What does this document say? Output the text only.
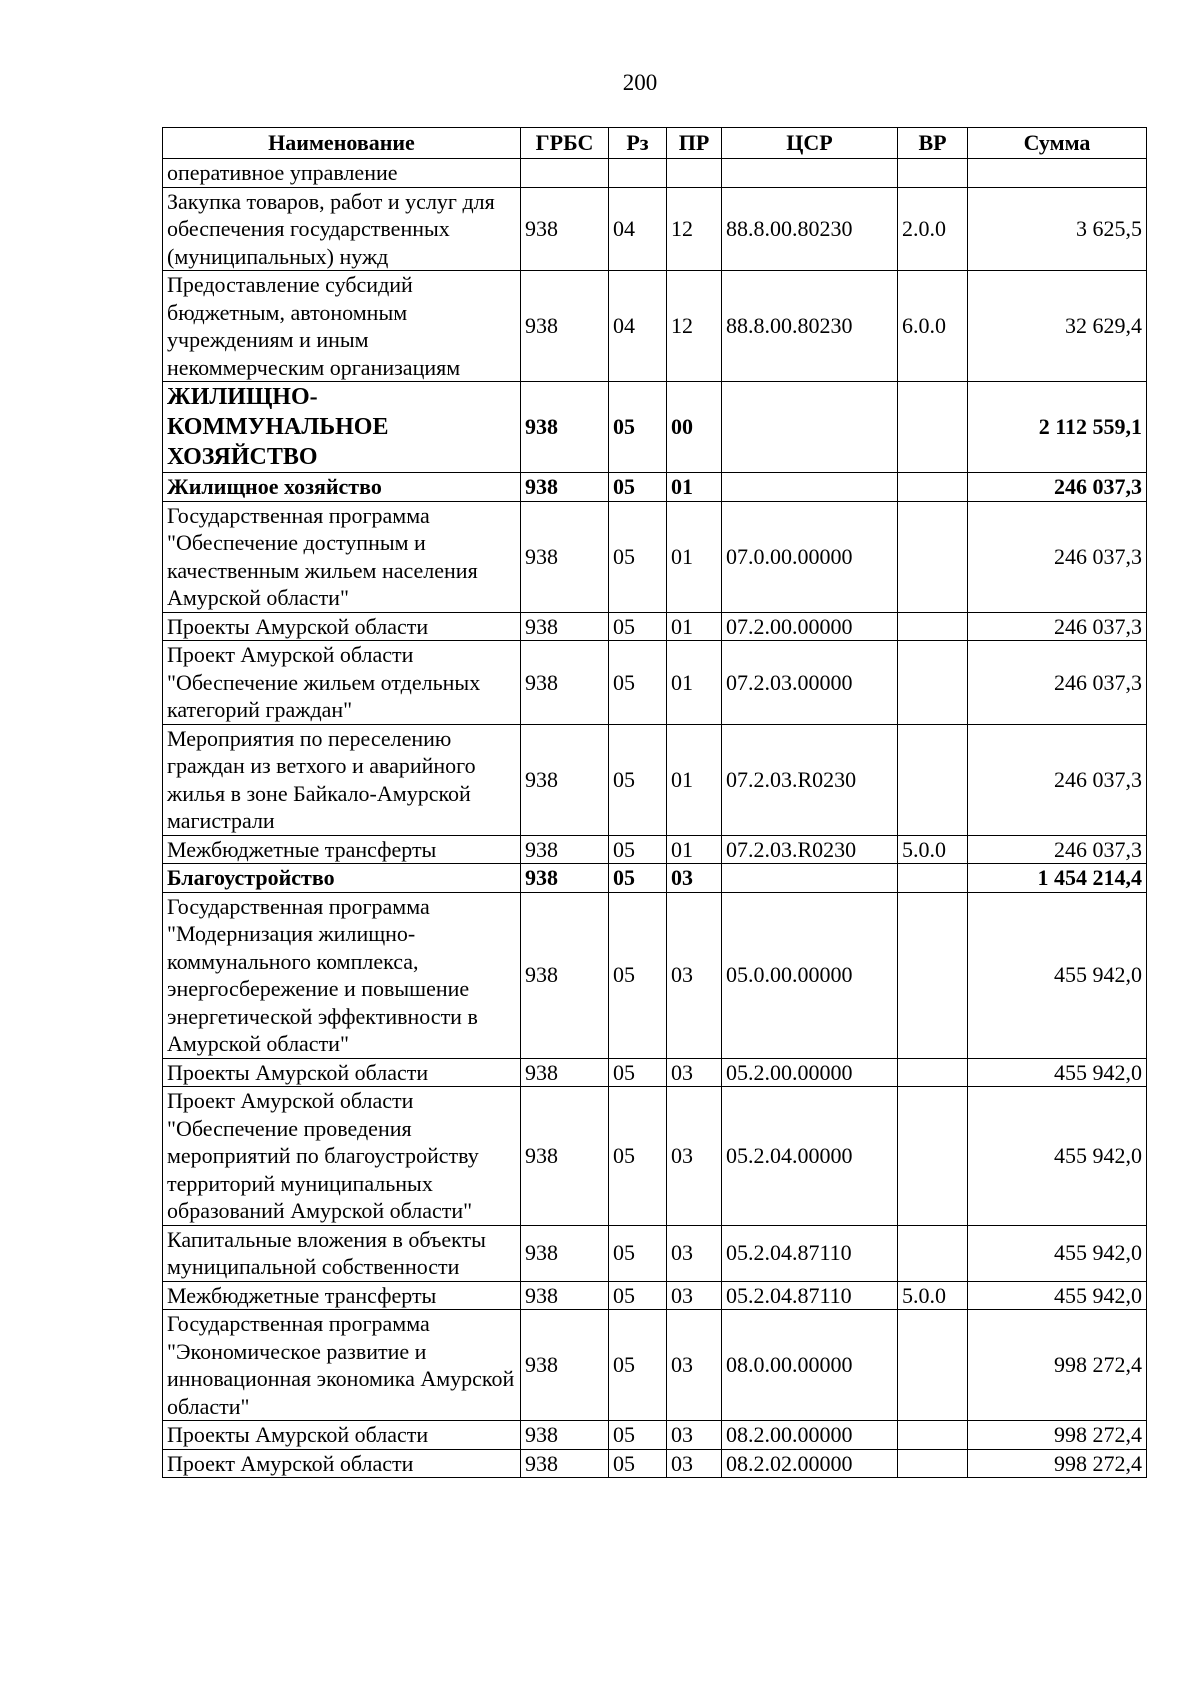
200
Наименование	ГРБС	Рз	ПР	ЦСР	ВР	Сумма
оперативное управление						
Закупка товаров, работ и услуг для обеспечения государственных (муниципальных) нужд	938	04	12	88.8.00.80230	2.0.0	3 625,5
Предоставление субсидий бюджетным, автономным учреждениям и иным некоммерческим организациям	938	04	12	88.8.00.80230	6.0.0	32 629,4
ЖИЛИЩНО-КОММУНАЛЬНОЕ ХОЗЯЙСТВО	938	05	00			2 112 559,1
Жилищное хозяйство	938	05	01			246 037,3
Государственная программа "Обеспечение доступным и качественным жильем населения Амурской области"	938	05	01	07.0.00.00000		246 037,3
Проекты Амурской области	938	05	01	07.2.00.00000		246 037,3
Проект Амурской области "Обеспечение жильем отдельных категорий граждан"	938	05	01	07.2.03.00000		246 037,3
Мероприятия по переселению граждан из ветхого и аварийного жилья в зоне Байкало-Амурской магистрали	938	05	01	07.2.03.R0230		246 037,3
Межбюджетные трансферты	938	05	01	07.2.03.R0230	5.0.0	246 037,3
Благоустройство	938	05	03			1 454 214,4
Государственная программа "Модернизация жилищно-коммунального комплекса, энергосбережение и повышение энергетической эффективности в Амурской области"	938	05	03	05.0.00.00000		455 942,0
Проекты Амурской области	938	05	03	05.2.00.00000		455 942,0
Проект Амурской области "Обеспечение проведения мероприятий по благоустройству территорий муниципальных образований Амурской области"	938	05	03	05.2.04.00000		455 942,0
Капитальные вложения в объекты муниципальной собственности	938	05	03	05.2.04.87110		455 942,0
Межбюджетные трансферты	938	05	03	05.2.04.87110	5.0.0	455 942,0
Государственная программа "Экономическое развитие и инновационная экономика Амурской области"	938	05	03	08.0.00.00000		998 272,4
Проекты Амурской области	938	05	03	08.2.00.00000		998 272,4
Проект Амурской области	938	05	03	08.2.02.00000		998 272,4
